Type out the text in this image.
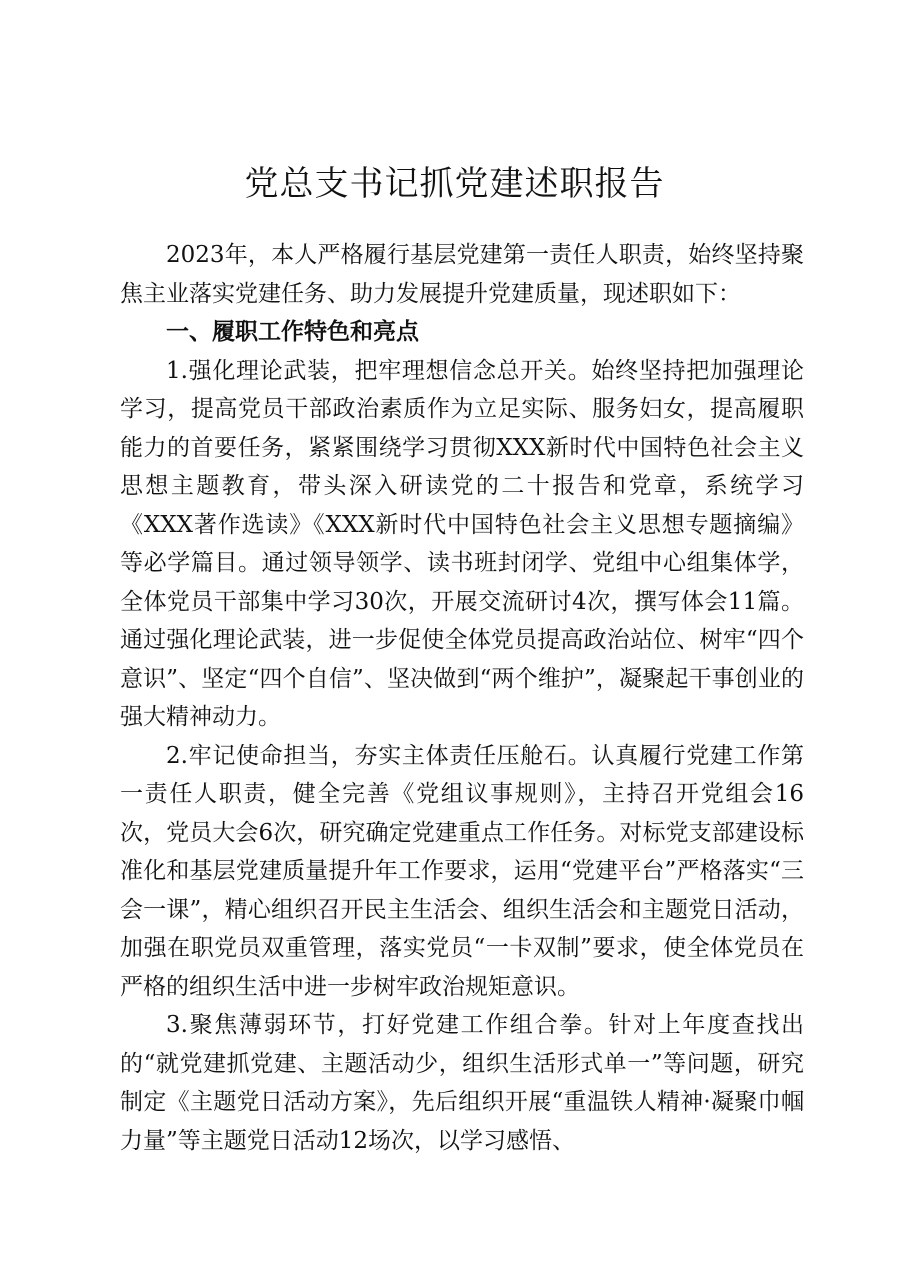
党总支书记抓党建述职报告

2023年，本人严格履行基层党建第一责任人职责，始终坚持聚焦主业落实党建任务、助力发展提升党建质量，现述职如下：

一、履职工作特色和亮点

1.强化理论武装，把牢理想信念总开关。始终坚持把加强理论学习，提高党员干部政治素质作为立足实际、服务妇女，提高履职能力的首要任务，紧紧围绕学习贯彻XXX新时代中国特色社会主义思想主题教育，带头深入研读党的二十报告和党章，系统学习《XXX著作选读》《XXX新时代中国特色社会主义思想专题摘编》等必学篇目。通过领导领学、读书班封闭学、党组中心组集体学，全体党员干部集中学习30次，开展交流研讨4次，撰写体会11篇。通过强化理论武装，进一步促使全体党员提高政治站位、树牢“四个意识”、坚定“四个自信”、坚决做到“两个维护”，凝聚起干事创业的强大精神动力。

2.牢记使命担当，夯实主体责任压舱石。认真履行党建工作第一责任人职责，健全完善《党组议事规则》，主持召开党组会16次，党员大会6次，研究确定党建重点工作任务。对标党支部建设标准化和基层党建质量提升年工作要求，运用“党建平台”严格落实“三会一课”，精心组织召开民主生活会、组织生活会和主题党日活动，加强在职党员双重管理，落实党员“一卡双制”要求，使全体党员在严格的组织生活中进一步树牢政治规矩意识。

3.聚焦薄弱环节，打好党建工作组合拳。针对上年度查找出的“就党建抓党建、主题活动少，组织生活形式单一”等问题，研究制定《主题党日活动方案》，先后组织开展“重温铁人精神·凝聚巾帼力量”等主题党日活动12场次，以学习感悟、
